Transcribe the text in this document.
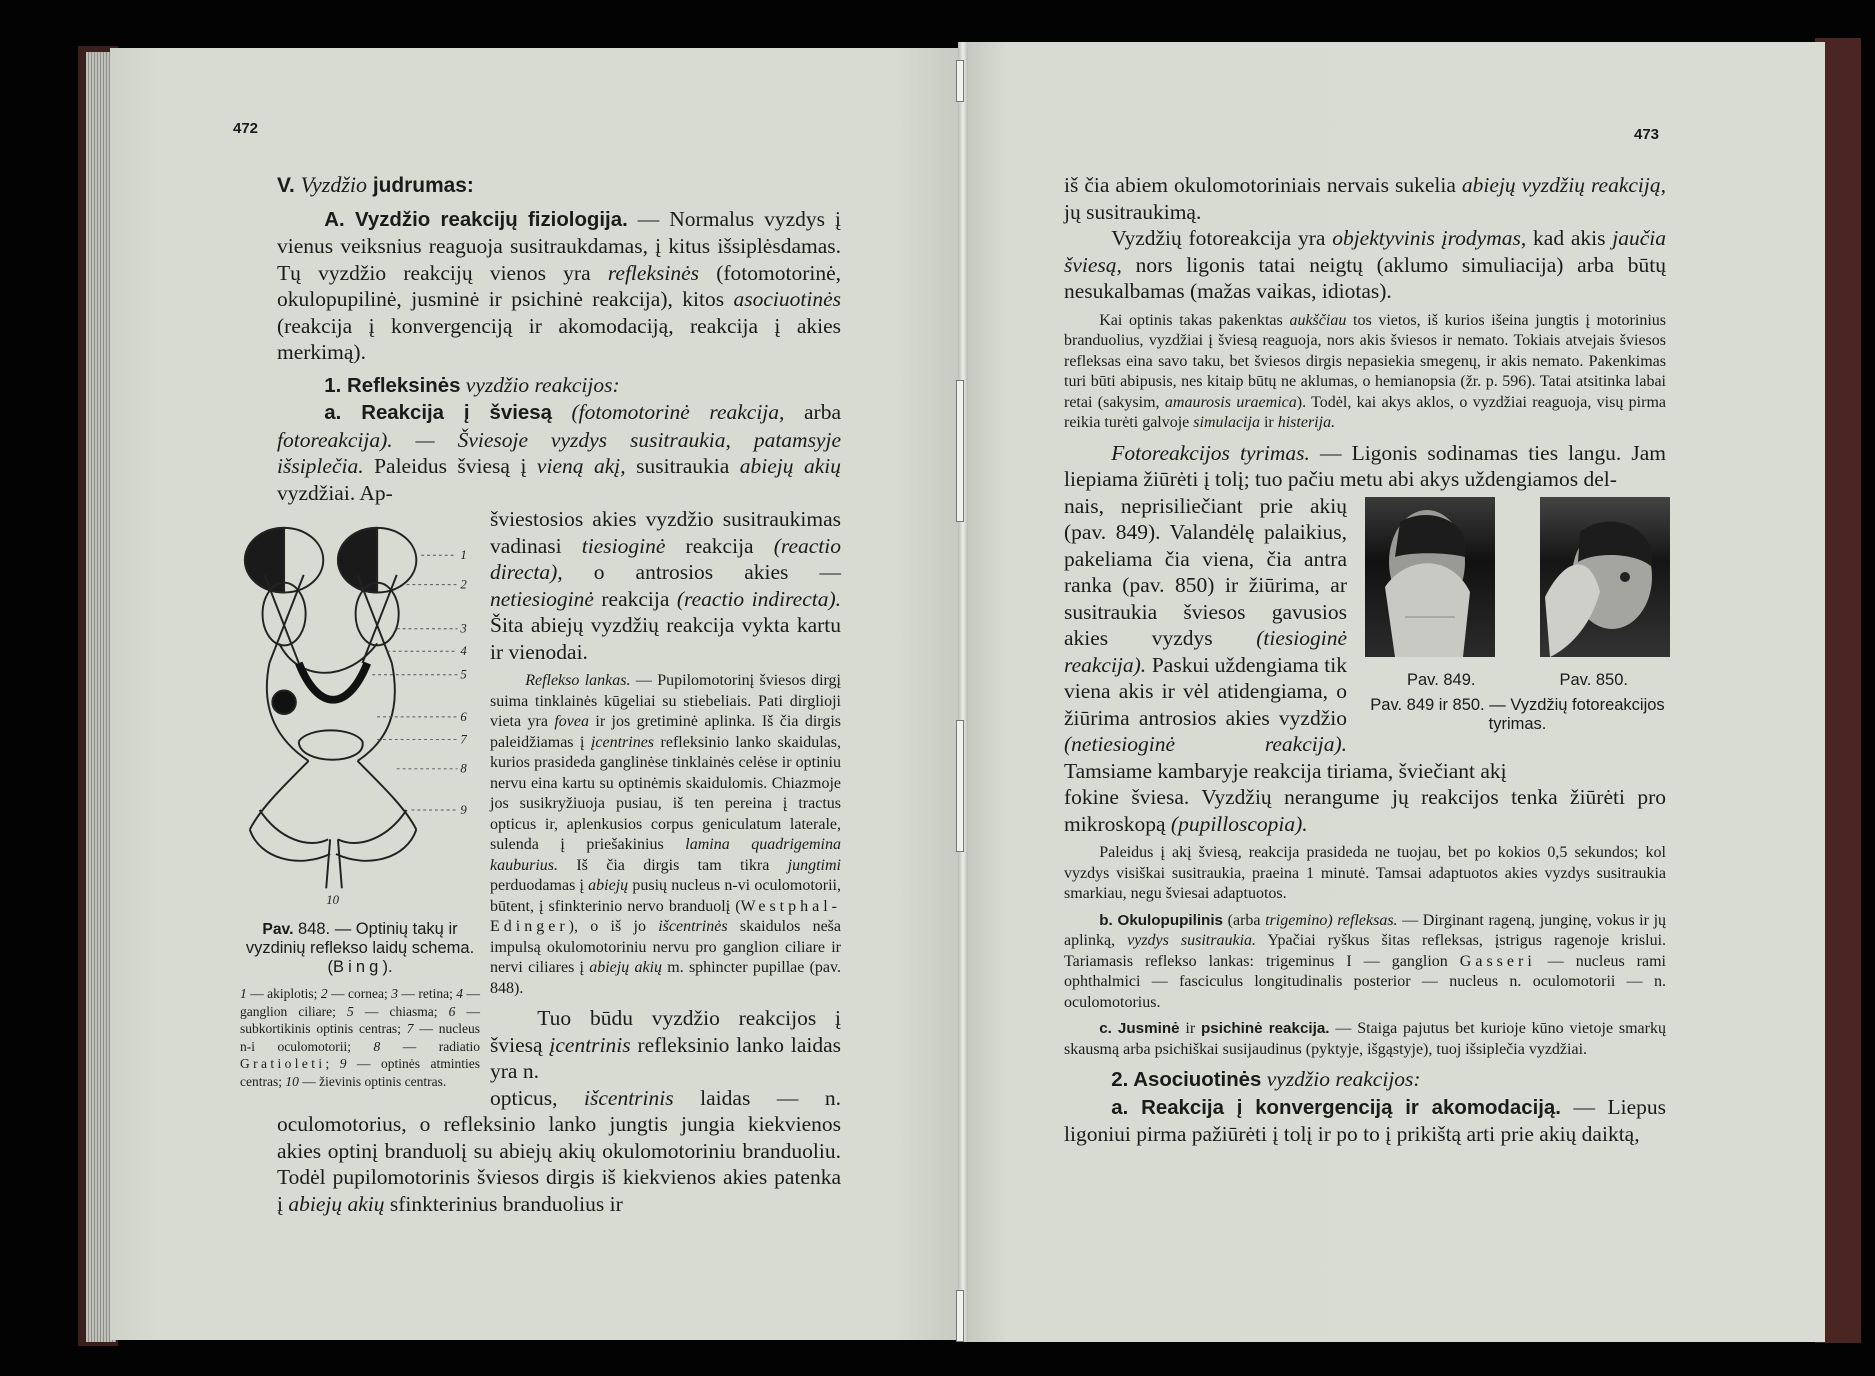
472

V. Vyzdžio judrumas:

A. Vyzdžio reakcijų fiziologija. — Normalus vyzdys į vienus veiksnius reaguoja susitraukdamas, į kitus išsiplėsdamas. Tų vyzdžio reakcijų vienos yra refleksinės (fotomotorinė, okulopupilinė, jusminė ir psichinė reakcija), kitos asociuotinės (reakcija į konvergenciją ir akomodaciją, reakcija į akies merkimą).

1. Refleksinės vyzdžio reakcijos:

a. Reakcija į šviesą (fotomotorinė reakcija, arba fotoreakcija). — Šviesoje vyzdys susitraukia, patamsyje išsiplečia. Paleidus šviesą į vieną akį, susitraukia abiejų akių vyzdžiai. Ap-

1
2
3
4
5
6
7
8
9
10
Pav. 848. — Optinių takų ir vyzdinių reflekso laidų schema. (Bing).
1 — akiplotis; 2 — cornea; 3 — retina; 4 — ganglion ciliare; 5 — chiasma; 6 — subkortikinis optinis centras; 7 — nucleus n-i oculomotorii; 8 — radiatio Gratioleti; 9 — optinės atminties centras; 10 — žievinis optinis centras.

šviestosios akies vyzdžio susitraukimas vadinasi tiesioginė reakcija (reactio directa), o antrosios akies — netiesioginė reakcija (reactio indirecta). Šita abiejų vyzdžių reakcija vykta kartu ir vienodai.

Reflekso lankas. — Pupilomotorinį šviesos dirgį suima tinklainės kūgeliai su stiebeliais. Pati dirglioji vieta yra fovea ir jos gretiminė aplinka. Iš čia dirgis paleidžiamas į įcentrines refleksinio lanko skaidulas, kurios prasideda ganglinėse tinklainės celėse ir optiniu nervu eina kartu su optinėmis skaidulomis. Chiazmoje jos susikryžiuoja pusiau, iš ten pereina į tractus opticus ir, aplenkusios corpus geniculatum laterale, sulenda į priešakinius lamina quadrigemina kauburius. Iš čia dirgis tam tikra jungtimi perduodamas į abiejų pusių nucleus n-vi oculomotorii, būtent, į sfinkterinio nervo branduolį (Westphal-Edinger), o iš jo išcentrinės skaidulos neša impulsą okulomotoriniu nervu pro ganglion ciliare ir nervi ciliares į abiejų akių m. sphincter pupillae (pav. 848).

Tuo būdu vyzdžio reakcijos į šviesą įcentrinis refleksinio lanko laidas yra n.

opticus, išcentrinis laidas — n. oculomotorius, o refleksinio lanko jungtis jungia kiekvienos akies optinį branduolį su abiejų akių okulomotoriniu branduoliu. Todėl pupilomotorinis šviesos dirgis iš kiekvienos akies patenka į abiejų akių sfinkterinius branduolius ir

473

iš čia abiem okulomotoriniais nervais sukelia abiejų vyzdžių reakciją, jų susitraukimą.

Vyzdžių fotoreakcija yra objektyvinis įrodymas, kad akis jaučia šviesą, nors ligonis tatai neigtų (aklumo simuliacija) arba būtų nesukalbamas (mažas vaikas, idiotas).

Kai optinis takas pakenktas aukščiau tos vietos, iš kurios išeina jungtis į motorinius branduolius, vyzdžiai į šviesą reaguoja, nors akis šviesos ir nemato. Tokiais atvejais šviesos refleksas eina savo taku, bet šviesos dirgis nepasiekia smegenų, ir akis nemato. Pakenkimas turi būti abipusis, nes kitaip būtų ne aklumas, o hemianopsia (žr. p. 596). Tatai atsitinka labai retai (sakysim, amaurosis uraemica). Todėl, kai akys aklos, o vyzdžiai reaguoja, visų pirma reikia turėti galvoje simulacija ir histerija.

Fotoreakcijos tyrimas. — Ligonis sodinamas ties langu. Jam liepiama žiūrėti į tolį; tuo pačiu metu abi akys uždengiamos del-

Pav. 849.	Pav. 850.
Pav. 849 ir 850. — Vyzdžių fotoreakcijos tyrimas.

nais, neprisiliečiant prie akių (pav. 849). Valandėlę palaikius, pakeliama čia viena, čia antra ranka (pav. 850) ir žiūrima, ar susitraukia šviesos gavusios akies vyzdys (tiesioginė reakcija). Paskui uždengiama tik viena akis ir vėl atidengiama, o žiūrima antrosios akies vyzdžio (netiesioginė reakcija). Tamsiame kambaryje reakcija tiriama, šviečiant akį

fokine šviesa. Vyzdžių nerangume jų reakcijos tenka žiūrėti pro mikroskopą (pupilloscopia).

Paleidus į akį šviesą, reakcija prasideda ne tuojau, bet po kokios 0,5 sekundos; kol vyzdys visiškai susitraukia, praeina 1 minutė. Tamsai adaptuotos akies vyzdys susitraukia smarkiau, negu šviesai adaptuotos.

b. Okulopupilinis (arba trigemino) refleksas. — Dirginant rageną, junginę, vokus ir jų aplinką, vyzdys susitraukia. Ypačiai ryškus šitas refleksas, įstrigus ragenoje krislui. Tariamasis reflekso lankas: trigeminus I — ganglion Gasseri — nucleus rami ophthalmici — fasciculus longitudinalis posterior — nucleus n. oculomotorii — n. oculomotorius.

c. Jusminė ir psichinė reakcija. — Staiga pajutus bet kurioje kūno vietoje smarkų skausmą arba psichiškai susijaudinus (pyktyje, išgąstyje), tuoj išsiplečia vyzdžiai.

2. Asociuotinės vyzdžio reakcijos:

a. Reakcija į konvergenciją ir akomodaciją. — Liepus ligoniui pirma pažiūrėti į tolį ir po to į prikištą arti prie akių daiktą,
